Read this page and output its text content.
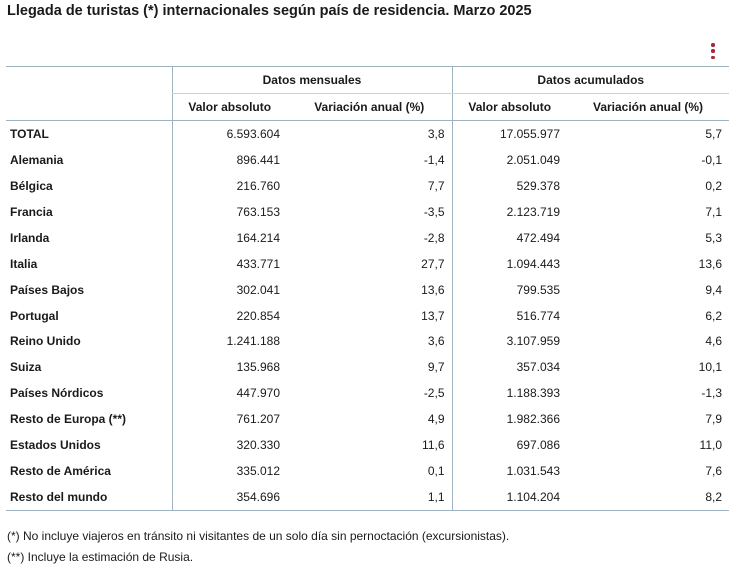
Llegada de turistas (*) internacionales según país de residencia. Marzo 2025
	Datos mensuales		Datos acumulados	
	Valor absoluto	Variación anual (%)	Valor absoluto	Variación anual (%)
TOTAL	6.593.604	3,8	17.055.977	5,7
Alemania	896.441	-1,4	2.051.049	-0,1
Bélgica	216.760	7,7	529.378	0,2
Francia	763.153	-3,5	2.123.719	7,1
Irlanda	164.214	-2,8	472.494	5,3
Italia	433.771	27,7	1.094.443	13,6
Países Bajos	302.041	13,6	799.535	9,4
Portugal	220.854	13,7	516.774	6,2
Reino Unido	1.241.188	3,6	3.107.959	4,6
Suiza	135.968	9,7	357.034	10,1
Países Nórdicos	447.970	-2,5	1.188.393	-1,3
Resto de Europa (**)	761.207	4,9	1.982.366	7,9
Estados Unidos	320.330	11,6	697.086	11,0
Resto de América	335.012	0,1	1.031.543	7,6
Resto del mundo	354.696	1,1	1.104.204	8,2

(*) No incluye viajeros en tránsito ni visitantes de un solo día sin pernoctación (excursionistas).

(**) Incluye la estimación de Rusia.
